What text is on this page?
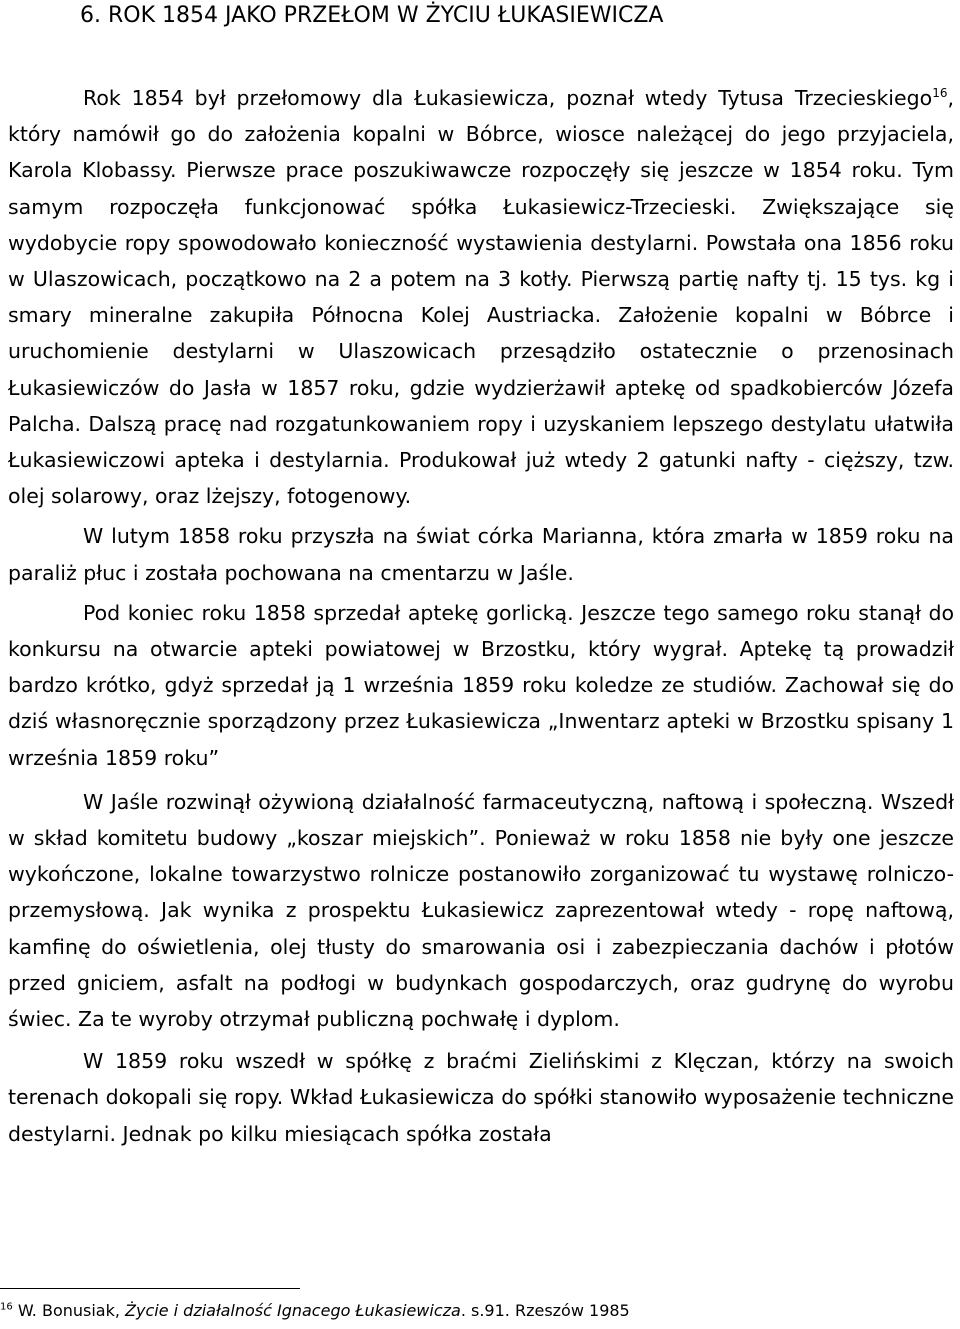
6. ROK 1854 JAKO PRZEŁOM W ŻYCIU ŁUKASIEWICZA

Rok 1854 był przełomowy dla Łukasiewicza, poznał wtedy Tytusa Trzecieskiego$^{16}$, który namówił go do założenia kopalni w Bóbrce, wiosce należącej do jego przyjaciela, Karola Klobassy. Pierwsze prace poszukiwawcze rozpoczęły się jeszcze w 1854 roku. Tym samym rozpoczęła funkcjonować spółka Łukasiewicz-Trzecieski. Zwiększające się wydobycie ropy spowodowało konieczność wystawienia destylarni. Powstała ona 1856 roku w Ulaszowicach, początkowo na 2 a potem na 3 kotły. Pierwszą partię nafty tj. 15 tys. kg i smary mineralne zakupiła Północna Kolej Austriacka. Założenie kopalni w Bóbrce i uruchomienie destylarni w Ulaszowicach przesądziło ostatecznie o przenosinach Łukasiewiczów do Jasła w 1857 roku, gdzie wydzierżawił aptekę od spadkobierców Józefa Palcha. Dalszą pracę nad rozgatunkowaniem ropy i uzyskaniem lepszego destylatu ułatwiła Łukasiewiczowi apteka i destylarnia. Produkował już wtedy 2 gatunki nafty - cięższy, tzw. olej solarowy, oraz lżejszy, fotogenowy.

W lutym 1858 roku przyszła na świat córka Marianna, która zmarła w 1859 roku na paraliż płuc i została pochowana na cmentarzu w Jaśle.

Pod koniec roku 1858 sprzedał aptekę gorlicką. Jeszcze tego samego roku stanął do konkursu na otwarcie apteki powiatowej w Brzostku, który wygrał. Aptekę tą prowadził bardzo krótko, gdyż sprzedał ją 1 września 1859 roku koledze ze studiów. Zachował się do dziś własnoręcznie sporządzony przez Łukasiewicza „Inwentarz apteki w Brzostku spisany 1 września 1859 roku”

W Jaśle rozwinął ożywioną działalność farmaceutyczną, naftową i społeczną. Wszedł w skład komitetu budowy „koszar miejskich”. Ponieważ w roku 1858 nie były one jeszcze wykończone, lokalne towarzystwo rolnicze postanowiło zorganizować tu wystawę rolniczo-przemysłową. Jak wynika z prospektu Łukasiewicz zaprezentował wtedy - ropę naftową, kamfinę do oświetlenia, olej tłusty do smarowania osi i zabezpieczania dachów i płotów przed gniciem, asfalt na podłogi w budynkach gospodarczych, oraz gudrynę do wyrobu świec. Za te wyroby otrzymał publiczną pochwałę i dyplom.

W 1859 roku wszedł w spółkę z braćmi Zielińskimi z Klęczan, którzy na swoich terenach dokopali się ropy. Wkład Łukasiewicza do spółki stanowiło wyposażenie techniczne destylarni. Jednak po kilku miesiącach spółka została

$^{16}$ W. Bonusiak, Życie i działalność Ignacego Łukasiewicza. s.91. Rzeszów 1985
